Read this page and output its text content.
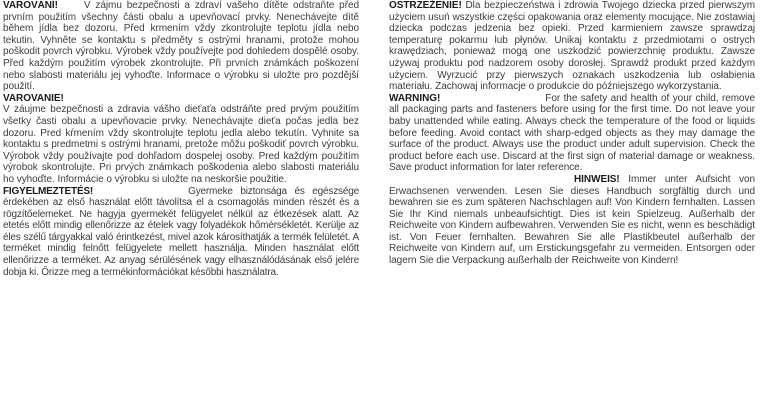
VAROVÁNÍ!	V zájmu bezpečnosti a zdraví vašeho dítěte odstraňte před prvním použitím všechny části obalu a upevňovací prvky. Nenechávejte dítě během jídla bez dozoru. Před krmením vždy zkontrolujte teplotu jídla nebo tekutin. Vyhněte se kontaktu s předměty s ostrými hranami, protože mohou poškodit povrch výrobku. Výrobek vždy používejte pod dohledem dospělé osoby. Před každým použitím výrobek zkontrolujte. Při prvních známkách poškození nebo slabosti materiálu jej vyhoďte. Informace o výrobku si uložte pro pozdější použití.

VAROVANIE!
V záujme bezpečnosti a zdravia vášho dieťaťa odstráňte pred prvým použitím všetky časti obalu a upevňovacie prvky. Nenechávajte dieťa počas jedla bez dozoru. Pred kŕmením vždy skontrolujte teplotu jedla alebo tekutín. Vyhnite sa kontaktu s predmetmi s ostrými hranami, pretože môžu poškodiť povrch výrobku. Výrobok vždy používajte pod dohľadom dospelej osoby. Pred každým použitím výrobok skontrolujte. Pri prvých známkach poškodenia alebo slabosti materiálu ho vyhoďte. Informácie o výrobku si uložte na neskoršie použitie.

FIGYELMEZTETÉS!	Gyermeke biztonsága és egészsége érdekében az első használat előtt távolítsa el a csomagolás minden részét és a rögzítőelemeket. Ne hagyja gyermekét felügyelet nélkül az étkezések alatt. Az etetés előtt mindig ellenőrizze az ételek vagy folyadékok hőmérsékletét. Kerülje az éles szélű tárgyakkal való érintkezést, mivel azok károsíthatják a termék felületét. A terméket mindig felnőtt felügyelete mellett használja. Minden használat előtt ellenőrizze a terméket. Az anyag sérülésének vagy elhasználódásának első jelére dobja ki. Őrizze meg a termékinformációkat későbbi használatra.

OSTRZEŻENIE! Dla bezpieczeństwa i zdrowia Twojego dziecka przed pierwszym użyciem usuń wszystkie części opakowania oraz elementy mocujące. Nie zostawiaj dziecka podczas jedzenia bez opieki. Przed karmieniem zawsze sprawdzaj temperaturę pokarmu lub płynów. Unikaj kontaktu z przedmiotami o ostrych krawędziach, ponieważ mogą one uszkodzić powierzchnię produktu. Zawsze używaj produktu pod nadzorem osoby dorosłej. Sprawdź produkt przed każdym użyciem. Wyrzucić przy pierwszych oznakach uszkodzenia lub osłabienia materiału. Zachowaj informacje o produkcie do późniejszego wykorzystania.

WARNING!	For the safety and health of your child, remove all packaging parts and fasteners before using for the first time. Do not leave your baby unattended while eating. Always check the temperature of the food or liquids before feeding. Avoid contact with sharp-edged objects as they may damage the surface of the product. Always use the product under adult supervision. Check the product before each use. Discard at the first sign of material damage or weakness. Save product information for later reference.

HINWEIS! Immer unter Aufsicht von Erwachsenen verwenden. Lesen Sie dieses Handbuch sorgfältig durch und bewahren sie es zum späteren Nachschlagen auf! Von Kindern fernhalten. Lassen Sie Ihr Kind niemals unbeaufsichtigt. Dies ist kein Spielzeug. Außerhalb der Reichweite von Kindern aufbewahren. Verwenden Sie es nicht, wenn es beschädigt ist. Von Feuer fernhalten. Bewahren Sie alle Plastikbeutel außerhalb der Reichweite von Kindern auf, um Erstickungsgefahr zu vermeiden. Entsorgen oder lagern Sie die Verpackung außerhalb der Reichweite von Kindern!
